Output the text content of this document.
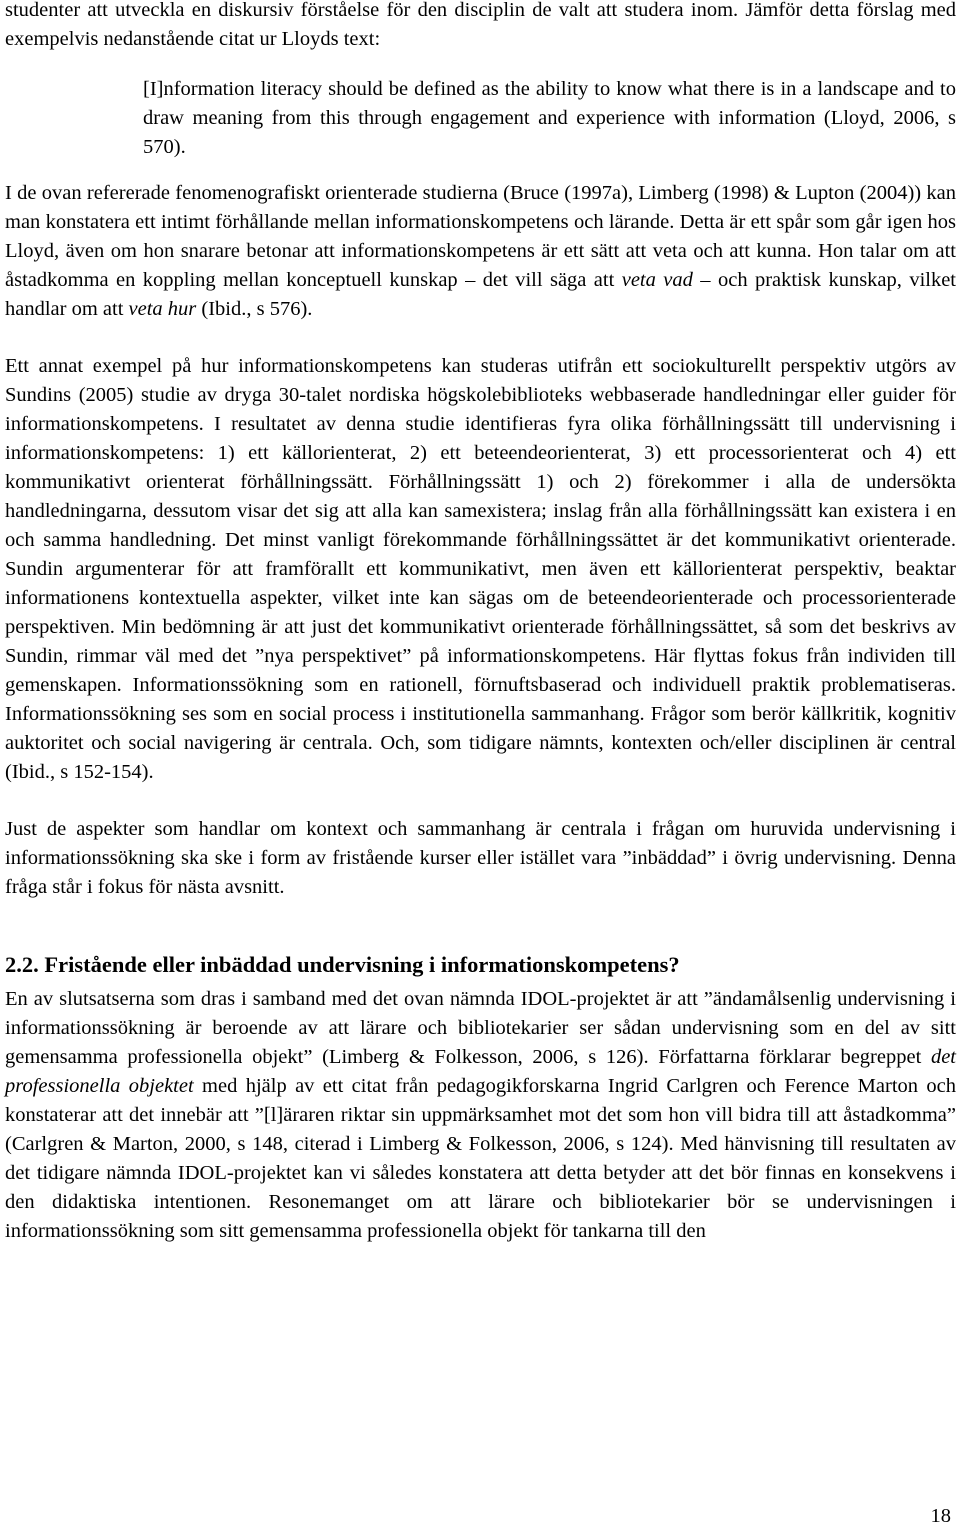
studenter att utveckla en diskursiv förståelse för den disciplin de valt att studera inom. Jämför detta förslag med exempelvis nedanstående citat ur Lloyds text:

[I]nformation literacy should be defined as the ability to know what there is in a landscape and to draw meaning from this through engagement and experience with information (Lloyd, 2006, s 570).

I de ovan refererade fenomenografiskt orienterade studierna (Bruce (1997a), Limberg (1998) & Lupton (2004)) kan man konstatera ett intimt förhållande mellan informationskompetens och lärande. Detta är ett spår som går igen hos Lloyd, även om hon snarare betonar att informationskompetens är ett sätt att veta och att kunna. Hon talar om att åstadkomma en koppling mellan konceptuell kunskap – det vill säga att veta vad – och praktisk kunskap, vilket handlar om att veta hur (Ibid., s 576).

Ett annat exempel på hur informationskompetens kan studeras utifrån ett sociokulturellt perspektiv utgörs av Sundins (2005) studie av dryga 30-talet nordiska högskolebiblioteks webbaserade handledningar eller guider för informationskompetens. I resultatet av denna studie identifieras fyra olika förhållningssätt till undervisning i informationskompetens: 1) ett källorienterat, 2) ett beteendeorienterat, 3) ett processorienterat och 4) ett kommunikativt orienterat förhållningssätt. Förhållningssätt 1) och 2) förekommer i alla de undersökta handledningarna, dessutom visar det sig att alla kan samexistera; inslag från alla förhållningssätt kan existera i en och samma handledning. Det minst vanligt förekommande förhållningssättet är det kommunikativt orienterade. Sundin argumenterar för att framförallt ett kommunikativt, men även ett källorienterat perspektiv, beaktar informationens kontextuella aspekter, vilket inte kan sägas om de beteendeorienterade och processorienterade perspektiven. Min bedömning är att just det kommunikativt orienterade förhållningssättet, så som det beskrivs av Sundin, rimmar väl med det ”nya perspektivet” på informationskompetens. Här flyttas fokus från individen till gemenskapen. Informationssökning som en rationell, förnuftsbaserad och individuell praktik problematiseras. Informationssökning ses som en social process i institutionella sammanhang. Frågor som berör källkritik, kognitiv auktoritet och social navigering är centrala. Och, som tidigare nämnts, kontexten och/eller disciplinen är central (Ibid., s 152-154).

Just de aspekter som handlar om kontext och sammanhang är centrala i frågan om huruvida undervisning i informationssökning ska ske i form av fristående kurser eller istället vara ”inbäddad” i övrig undervisning. Denna fråga står i fokus för nästa avsnitt.

2.2. Fristående eller inbäddad undervisning i informationskompetens?

En av slutsatserna som dras i samband med det ovan nämnda IDOL-projektet är att ”ändamålsenlig undervisning i informationssökning är beroende av att lärare och bibliotekarier ser sådan undervisning som en del av sitt gemensamma professionella objekt” (Limberg & Folkesson, 2006, s 126). Författarna förklarar begreppet det professionella objektet med hjälp av ett citat från pedagogikforskarna Ingrid Carlgren och Ference Marton och konstaterar att det innebär att ”[l]äraren riktar sin uppmärksamhet mot det som hon vill bidra till att åstadkomma” (Carlgren & Marton, 2000, s 148, citerad i Limberg & Folkesson, 2006, s 124). Med hänvisning till resultaten av det tidigare nämnda IDOL-projektet kan vi således konstatera att detta betyder att det bör finnas en konsekvens i den didaktiska intentionen. Resonemanget om att lärare och bibliotekarier bör se undervisningen i informationssökning som sitt gemensamma professionella objekt för tankarna till den

18
